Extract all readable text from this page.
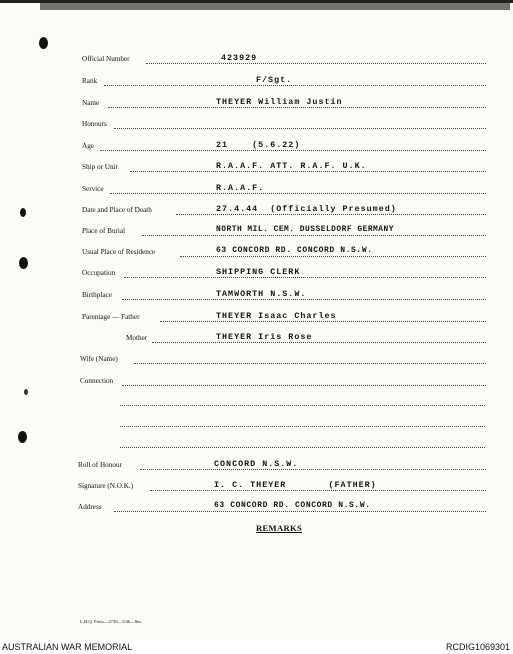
Official Number	423929
Rank	F/Sgt.
Name	THEYER William Justin
Honours
Age	21    (5.6.22)
Ship or Unit	R.A.A.F. ATT. R.A.F. U.K.
Service	R.A.A.F.
Date and Place of Death	27.4.44  (Officially Presumed)
Place of Burial	NORTH MIL. CEM. DUSSELDORF GERMANY
Usual Place of Residence	63 CONCORD RD. CONCORD N.S.W.
Occupation	SHIPPING CLERK
Birthplace	TAMWORTH N.S.W.
Parentage — Father	THEYER Isaac Charles
Mother	THEYER Iris Rose
Wife (Name)
Connection
Roll of Honour	CONCORD N.S.W.
Signature (N.O.K.)	I. C. THEYER       (FATHER)
Address	63 CONCORD RD. CONCORD N.S.W.
REMARKS
L.H.Q. Press—2730—5/46—8m.
AUSTRALIAN WAR MEMORIAL	RCDIG1069301
